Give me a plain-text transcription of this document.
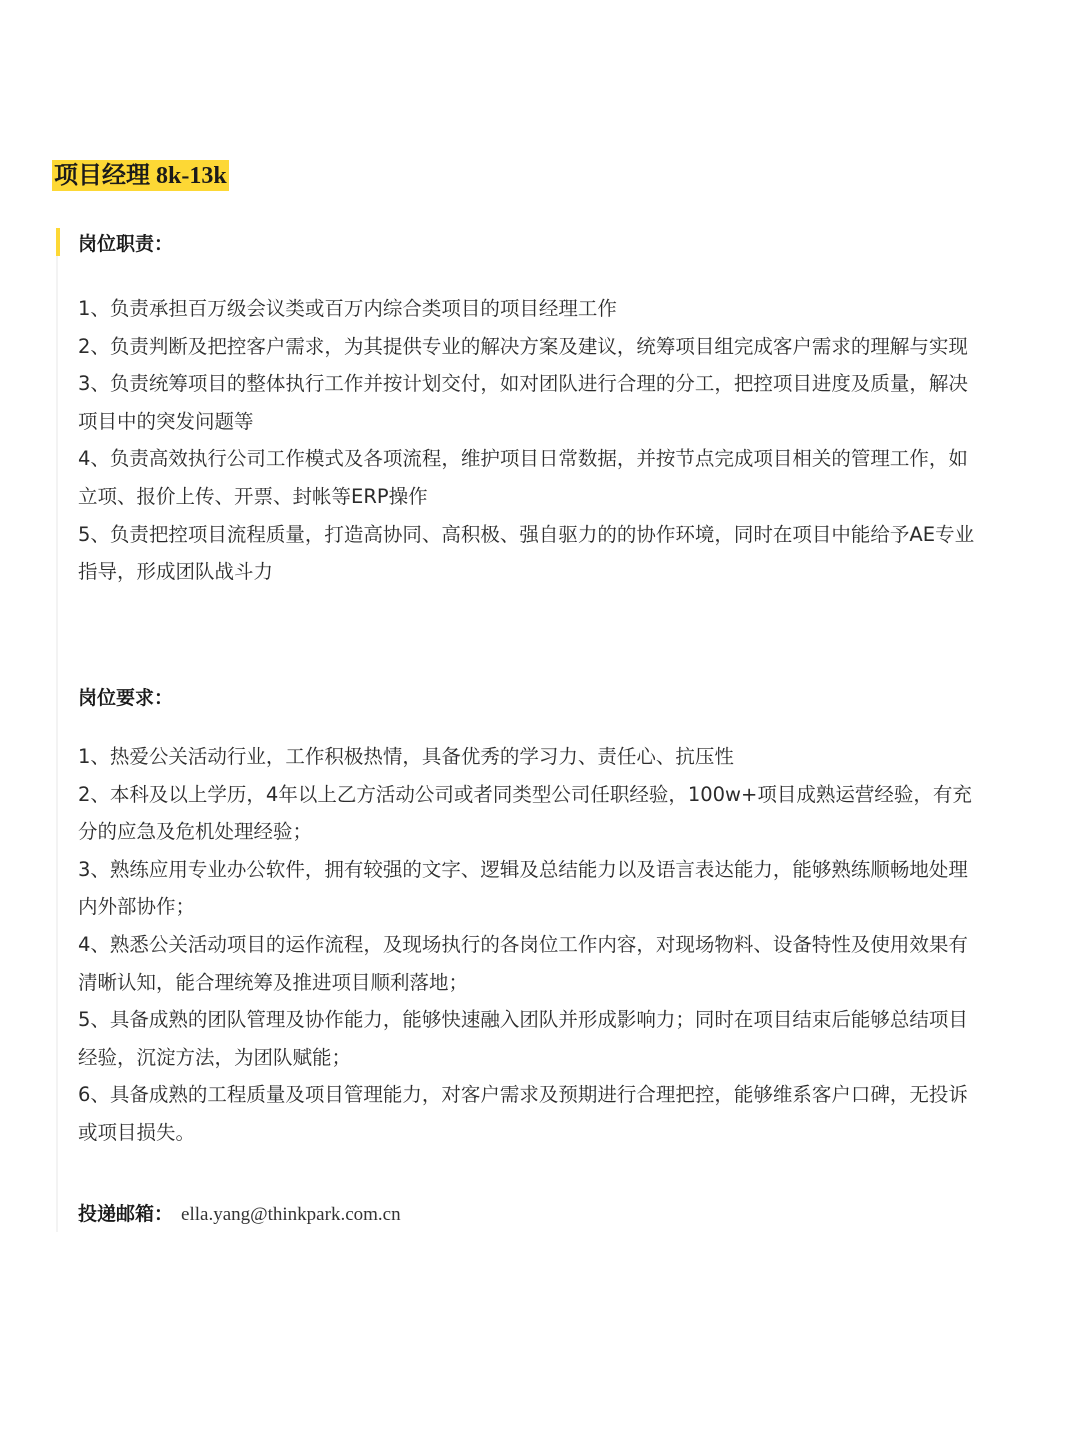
项目经理 8k-13k
岗位职责：
1、负责承担百万级会议类或百万内综合类项目的项目经理工作
2、负责判断及把控客户需求，为其提供专业的解决方案及建议，统筹项目组完成客户需求的理解与实现
3、负责统筹项目的整体执行工作并按计划交付，如对团队进行合理的分工，把控项目进度及质量，解决项目中的突发问题等
4、负责高效执行公司工作模式及各项流程，维护项目日常数据，并按节点完成项目相关的管理工作，如立项、报价上传、开票、封帐等ERP操作
5、负责把控项目流程质量，打造高协同、高积极、强自驱力的的协作环境，同时在项目中能给予AE专业指导，形成团队战斗力
岗位要求：
1、热爱公关活动行业，工作积极热情，具备优秀的学习力、责任心、抗压性
2、本科及以上学历，4年以上乙方活动公司或者同类型公司任职经验，100w+项目成熟运营经验，有充分的应急及危机处理经验；
3、熟练应用专业办公软件，拥有较强的文字、逻辑及总结能力以及语言表达能力，能够熟练顺畅地处理内外部协作；
4、熟悉公关活动项目的运作流程，及现场执行的各岗位工作内容，对现场物料、设备特性及使用效果有清晰认知，能合理统筹及推进项目顺利落地；
5、具备成熟的团队管理及协作能力，能够快速融入团队并形成影响力；同时在项目结束后能够总结项目经验，沉淀方法，为团队赋能；
6、具备成熟的工程质量及项目管理能力，对客户需求及预期进行合理把控，能够维系客户口碑，无投诉或项目损失。
投递邮箱： ella.yang@thinkpark.com.cn
